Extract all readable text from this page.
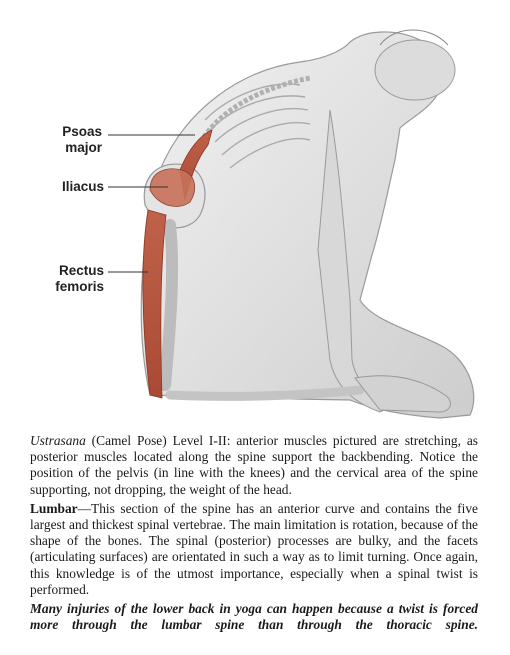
Psoas
major
Iliacus
Rectus
femoris

Ustrasana (Camel Pose) Level I-II: anterior muscles pictured are stretching, as posterior muscles located along the spine support the backbending. Notice the position of the pelvis (in line with the knees) and the cervical area of the spine supporting, not dropping, the weight of the head.

Lumbar—This section of the spine has an anterior curve and contains the five largest and thickest spinal vertebrae. The main limitation is rotation, because of the shape of the bones. The spinal (posterior) processes are bulky, and the facets (articulating surfaces) are orientated in such a way as to limit turning. Once again, this knowledge is of the utmost importance, especially when a spinal twist is performed.

Many injuries of the lower back in yoga can happen because a twist is forced more through the lumbar spine than through the thoracic spine.
